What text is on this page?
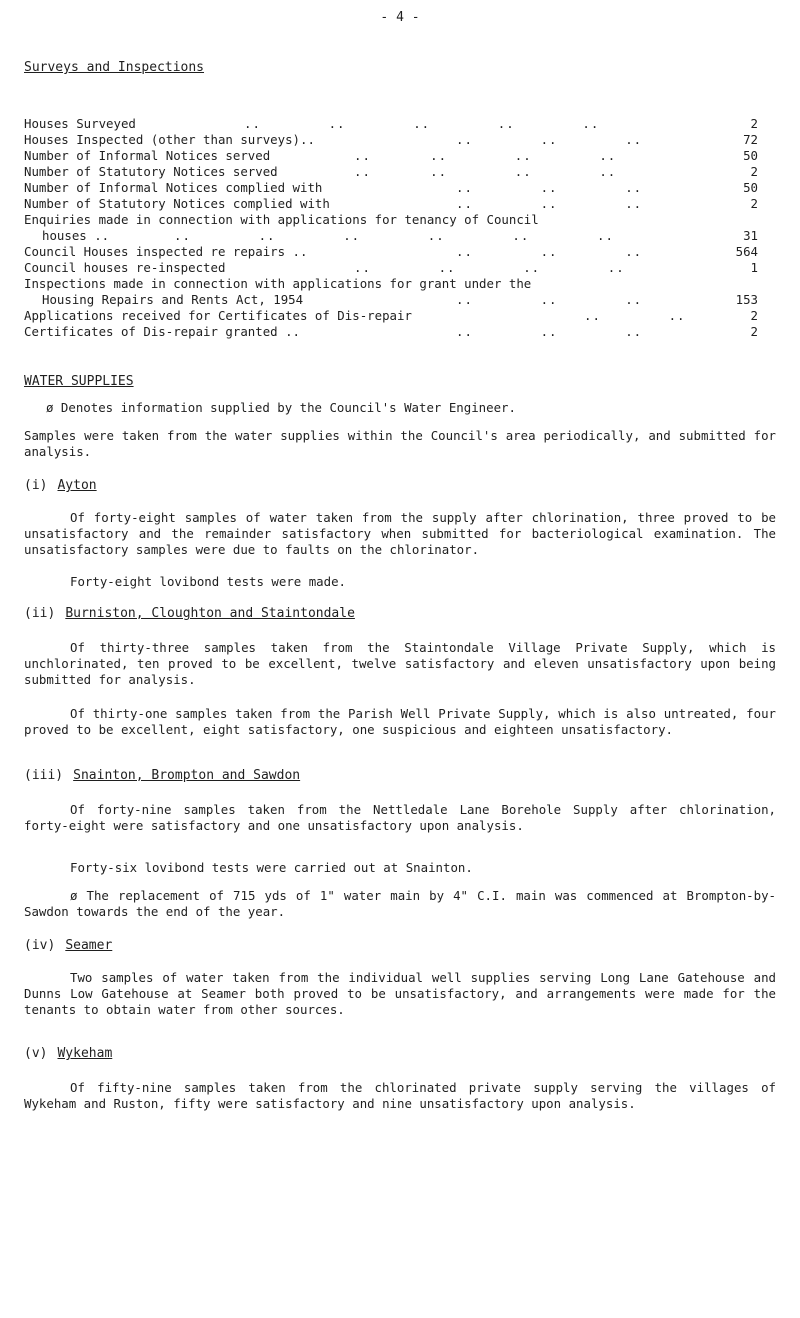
- 4 -
Surveys and Inspections
Houses Surveyed	..        ..        ..        ..        ..	2
Houses Inspected (other than surveys)..	..        ..        ..	72
Number of Informal Notices served	..       ..        ..        ..	50
Number of Statutory Notices served	..       ..        ..        ..	2
Number of Informal Notices complied with	..        ..        ..	50
Number of Statutory Notices complied with	..        ..        ..	2
Enquiries made in connection with applications for tenancy of Council
houses ..	..        ..        ..        ..        ..        ..	31
Council Houses inspected re repairs ..	..        ..        ..	564
Council houses re-inspected	..        ..        ..        ..	1
Inspections made in connection with applications for grant under the
Housing Repairs and Rents Act, 1954	..        ..        ..	153
Applications received for Certificates of Dis-repair	..        ..	2
Certificates of Dis-repair granted ..	..        ..        ..	2
WATER SUPPLIES
ø Denotes information supplied by the Council's Water Engineer.
Samples were taken from the water supplies within the Council's area periodically, and submitted for analysis.
(i) Ayton
Of forty-eight samples of water taken from the supply after chlorination, three proved to be unsatisfactory and the remainder satisfactory when submitted for bacteriological examination. The unsatisfactory samples were due to faults on the chlorinator.
Forty-eight lovibond tests were made.
(ii) Burniston, Cloughton and Staintondale
Of thirty-three samples taken from the Staintondale Village Private Supply, which is unchlorinated, ten proved to be excellent, twelve satisfactory and eleven unsatisfactory upon being submitted for analysis.
Of thirty-one samples taken from the Parish Well Private Supply, which is also untreated, four proved to be excellent, eight satisfactory, one suspicious and eighteen unsatisfactory.
(iii) Snainton, Brompton and Sawdon
Of forty-nine samples taken from the Nettledale Lane Borehole Supply after chlorination, forty-eight were satisfactory and one unsatisfactory upon analysis.
Forty-six lovibond tests were carried out at Snainton.
ø The replacement of 715 yds of 1" water main by 4" C.I. main was commenced at Brompton-by-Sawdon towards the end of the year.
(iv) Seamer
Two samples of water taken from the individual well supplies serving Long Lane Gatehouse and Dunns Low Gatehouse at Seamer both proved to be unsatisfactory, and arrangements were made for the tenants to obtain water from other sources.
(v) Wykeham
Of fifty-nine samples taken from the chlorinated private supply serving the villages of Wykeham and Ruston, fifty were satisfactory and nine unsatisfactory upon analysis.
